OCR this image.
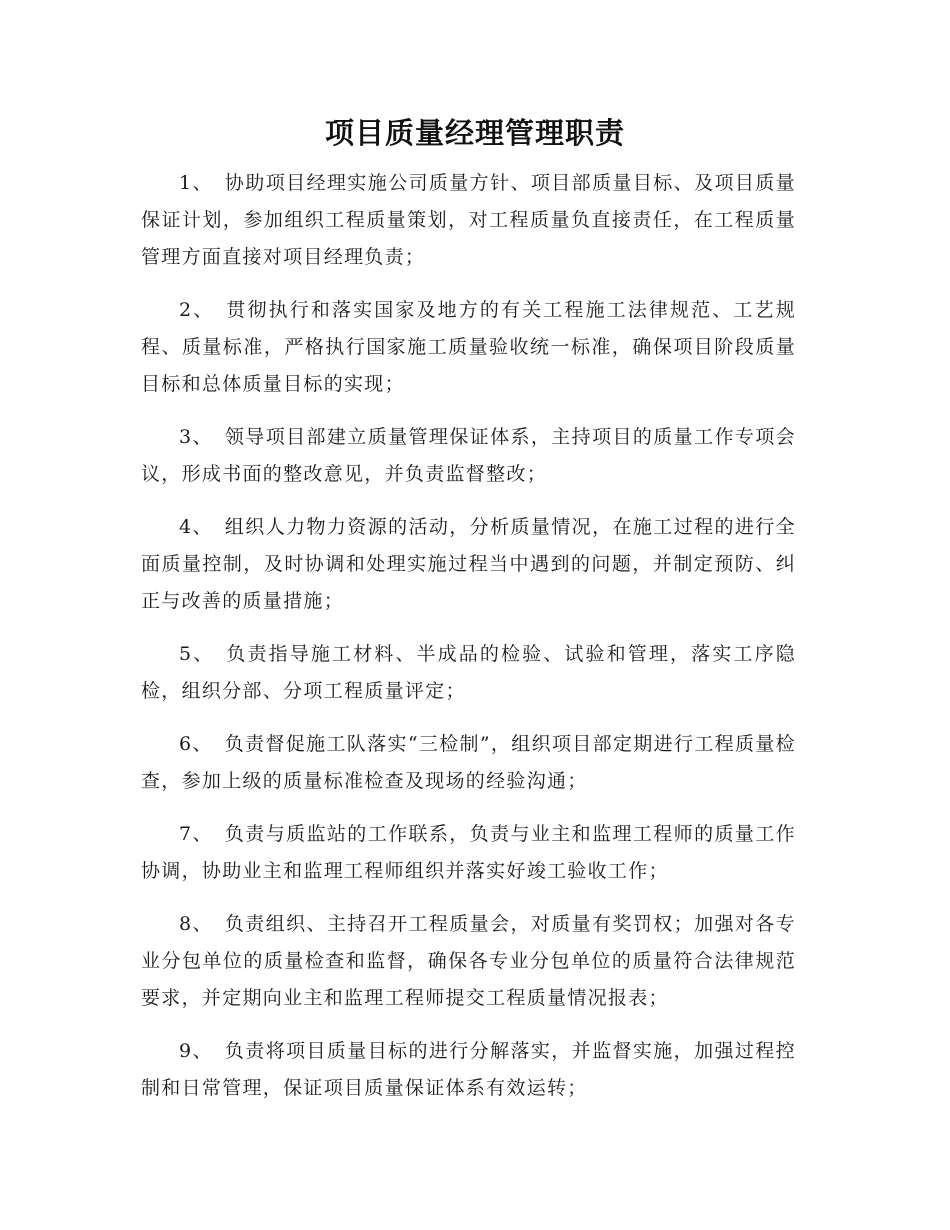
项目质量经理管理职责

1、 协助项目经理实施公司质量方针、项目部质量目标、及项目质量保证计划，参加组织工程质量策划，对工程质量负直接责任，在工程质量管理方面直接对项目经理负责；

2、 贯彻执行和落实国家及地方的有关工程施工法律规范、工艺规程、质量标准，严格执行国家施工质量验收统一标准，确保项目阶段质量目标和总体质量目标的实现；

3、 领导项目部建立质量管理保证体系，主持项目的质量工作专项会议，形成书面的整改意见，并负责监督整改；

4、 组织人力物力资源的活动，分析质量情况，在施工过程的进行全面质量控制，及时协调和处理实施过程当中遇到的问题，并制定预防、纠正与改善的质量措施；

5、 负责指导施工材料、半成品的检验、试验和管理，落实工序隐检，组织分部、分项工程质量评定；

6、 负责督促施工队落实“三检制”，组织项目部定期进行工程质量检查，参加上级的质量标准检查及现场的经验沟通；

7、 负责与质监站的工作联系，负责与业主和监理工程师的质量工作协调，协助业主和监理工程师组织并落实好竣工验收工作；

8、 负责组织、主持召开工程质量会，对质量有奖罚权；加强对各专业分包单位的质量检查和监督，确保各专业分包单位的质量符合法律规范要求，并定期向业主和监理工程师提交工程质量情况报表；

9、 负责将项目质量目标的进行分解落实，并监督实施，加强过程控制和日常管理，保证项目质量保证体系有效运转；
